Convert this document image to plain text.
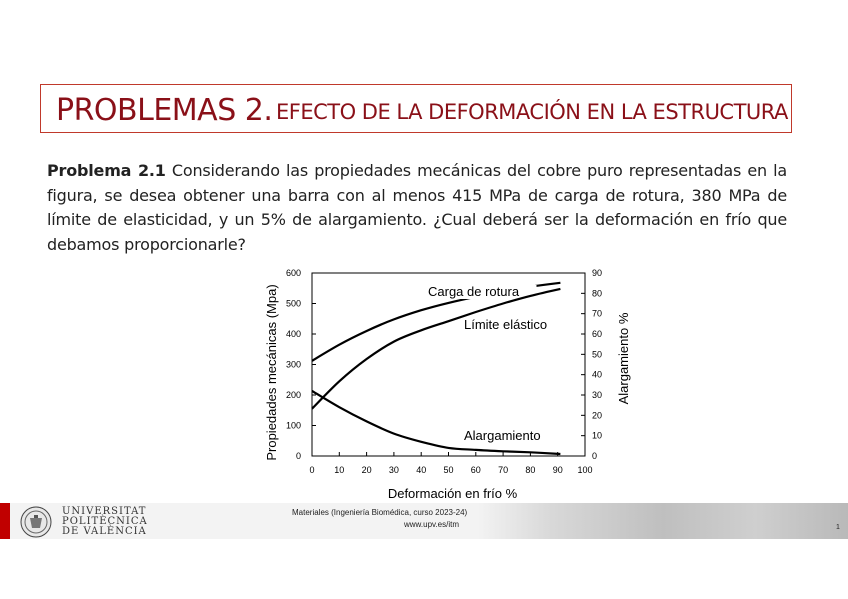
PROBLEMAS 2. EFECTO DE LA DEFORMACIÓN EN LA ESTRUCTURA
Problema 2.1 Considerando las propiedades mecánicas del cobre puro representadas en la figura, se desea obtener una barra con al menos 415 MPa de carga de rotura, 380 MPa de límite de elasticidad, y un 5% de alargamiento. ¿Cual deberá ser la deformación en frío que debamos proporcionarle?
0 10 20 30 40 50 60 70 80 90 100
0
100
200
300
400
500
600
0
10
20
30
40
50
60
70
80
90
Deformación en frío %
Propiedades mecánicas (Mpa)	Alargamiento %
Carga de rotura
Límite elástico
Alargamiento
UNIVERSITAT
POLITÈCNICA
DE VALÈNCIA
Materiales (Ingeniería Biomédica, curso 2023-24)
www.upv.es/itm	1
